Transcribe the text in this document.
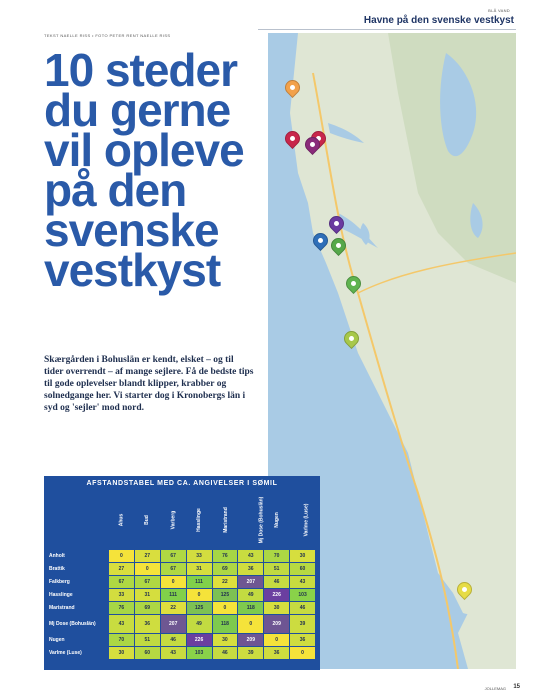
BLÅ VAND
Havne på den svenske vestkyst
TEKST NAELLE RISS • FOTO PETER RENT NAELLE RISS
10 steder
du gerne
vil opleve
på den
svenske
vestkyst

Skærgården i Bohuslän er kendt, elsket – og til tider overrendt – af mange sejlere. Få de bedste tips til gode oplevelser blandt klipper, krabber og solnedgange her. Vi starter dog i Kronobergs län i syd og 'sejler' mod nord.

AFSTANDSTABEL MED CA. ANGIVELSER I SØMIL
	Ahus	Bud	Varberg	Hasslinge	Maristrand	Mj Dose (Bohuslän)	Nugen	Varlme (Luse)
Anholt	0	27	67	33	76	43	70	30
Brattik	27	0	67	31	69	36	51	60
Falkberg	67	67	0	111	22	207	46	43
Hasslinge	33	31	111	0	125	49	226	103
Maristrand	76	69	22	125	0	118	30	46
Mj Dose (Bohuslän)	43	36	207	49	118	0	209	39
Nugen	70	51	46	226	30	209	0	36
Varlme (Luse)	30	60	43	103	46	39	36	0
JOLLEMAG 15
